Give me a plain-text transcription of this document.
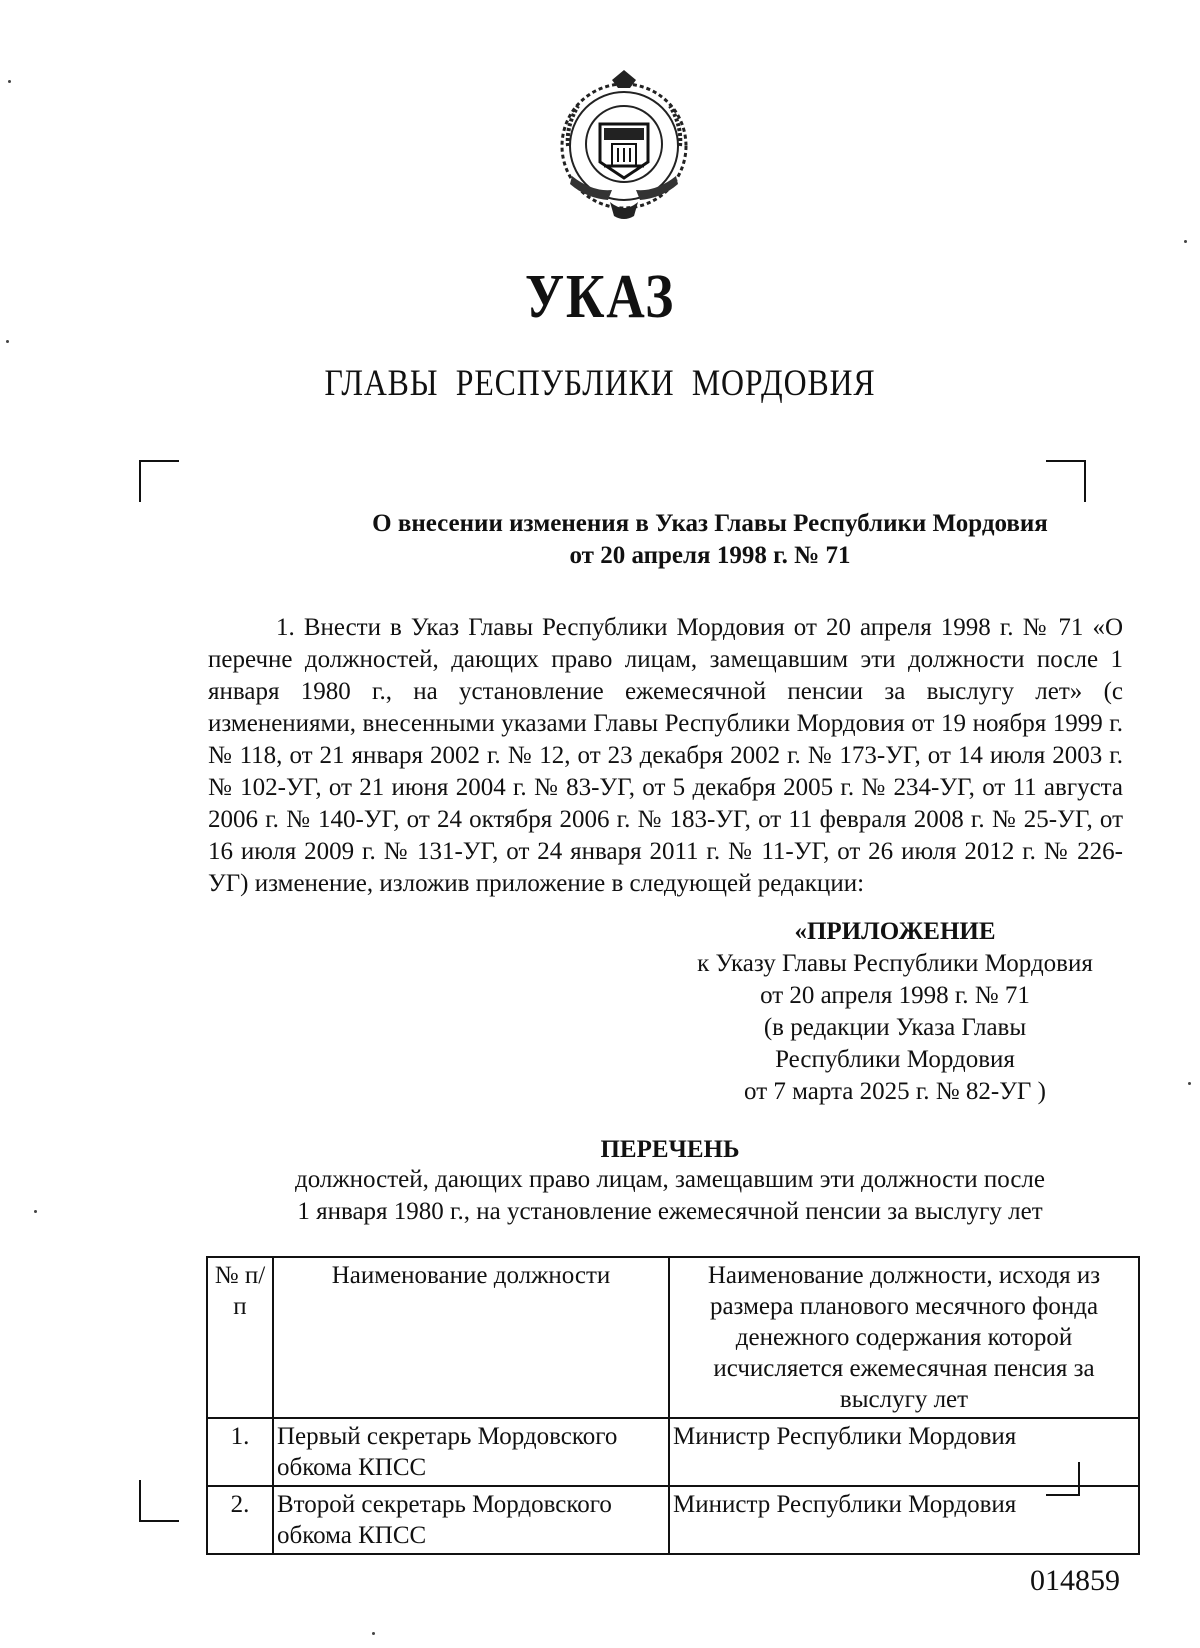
УКАЗ
ГЛАВЫ РЕСПУБЛИКИ МОРДОВИЯ
О внесении изменения в Указ Главы Республики Мордовия
от 20 апреля 1998 г. № 71
1. Внести в Указ Главы Республики Мордовия от 20 апреля 1998 г. № 71 «О перечне должностей, дающих право лицам, замещавшим эти должности после 1 января 1980 г., на установление ежемесячной пенсии за выслугу лет» (с изменениями, внесенными указами Главы Республики Мордовия от 19 ноября 1999 г. № 118, от 21 января 2002 г. № 12, от 23 декабря 2002 г. № 173-УГ, от 14 июля 2003 г. № 102-УГ, от 21 июня 2004 г. № 83-УГ, от 5 декабря 2005 г. № 234-УГ, от 11 августа 2006 г. № 140-УГ, от 24 октября 2006 г. № 183-УГ, от 11 февраля 2008 г. № 25-УГ, от 16 июля 2009 г. № 131-УГ, от 24 января 2011 г. № 11-УГ, от 26 июля 2012 г. № 226-УГ) изменение, изложив приложение в следующей редакции:
«ПРИЛОЖЕНИЕ
к Указу Главы Республики Мордовия
от 20 апреля 1998 г. № 71
(в редакции Указа Главы
Республики Мордовия
от 7 марта 2025 г. № 82-УГ )
ПЕРЕЧЕНЬ
должностей, дающих право лицам, замещавшим эти должности после
1 января 1980 г., на установление ежемесячной пенсии за выслугу лет
№ п/п	Наименование должности	Наименование должности, исходя из размера планового месячного фонда денежного содержания которой исчисляется ежемесячная пенсия за выслугу лет
1.	Первый секретарь Мордовского обкома КПСС	Министр Республики Мордовия
2.	Второй секретарь Мордовского обкома КПСС	Министр Республики Мордовия
014859
